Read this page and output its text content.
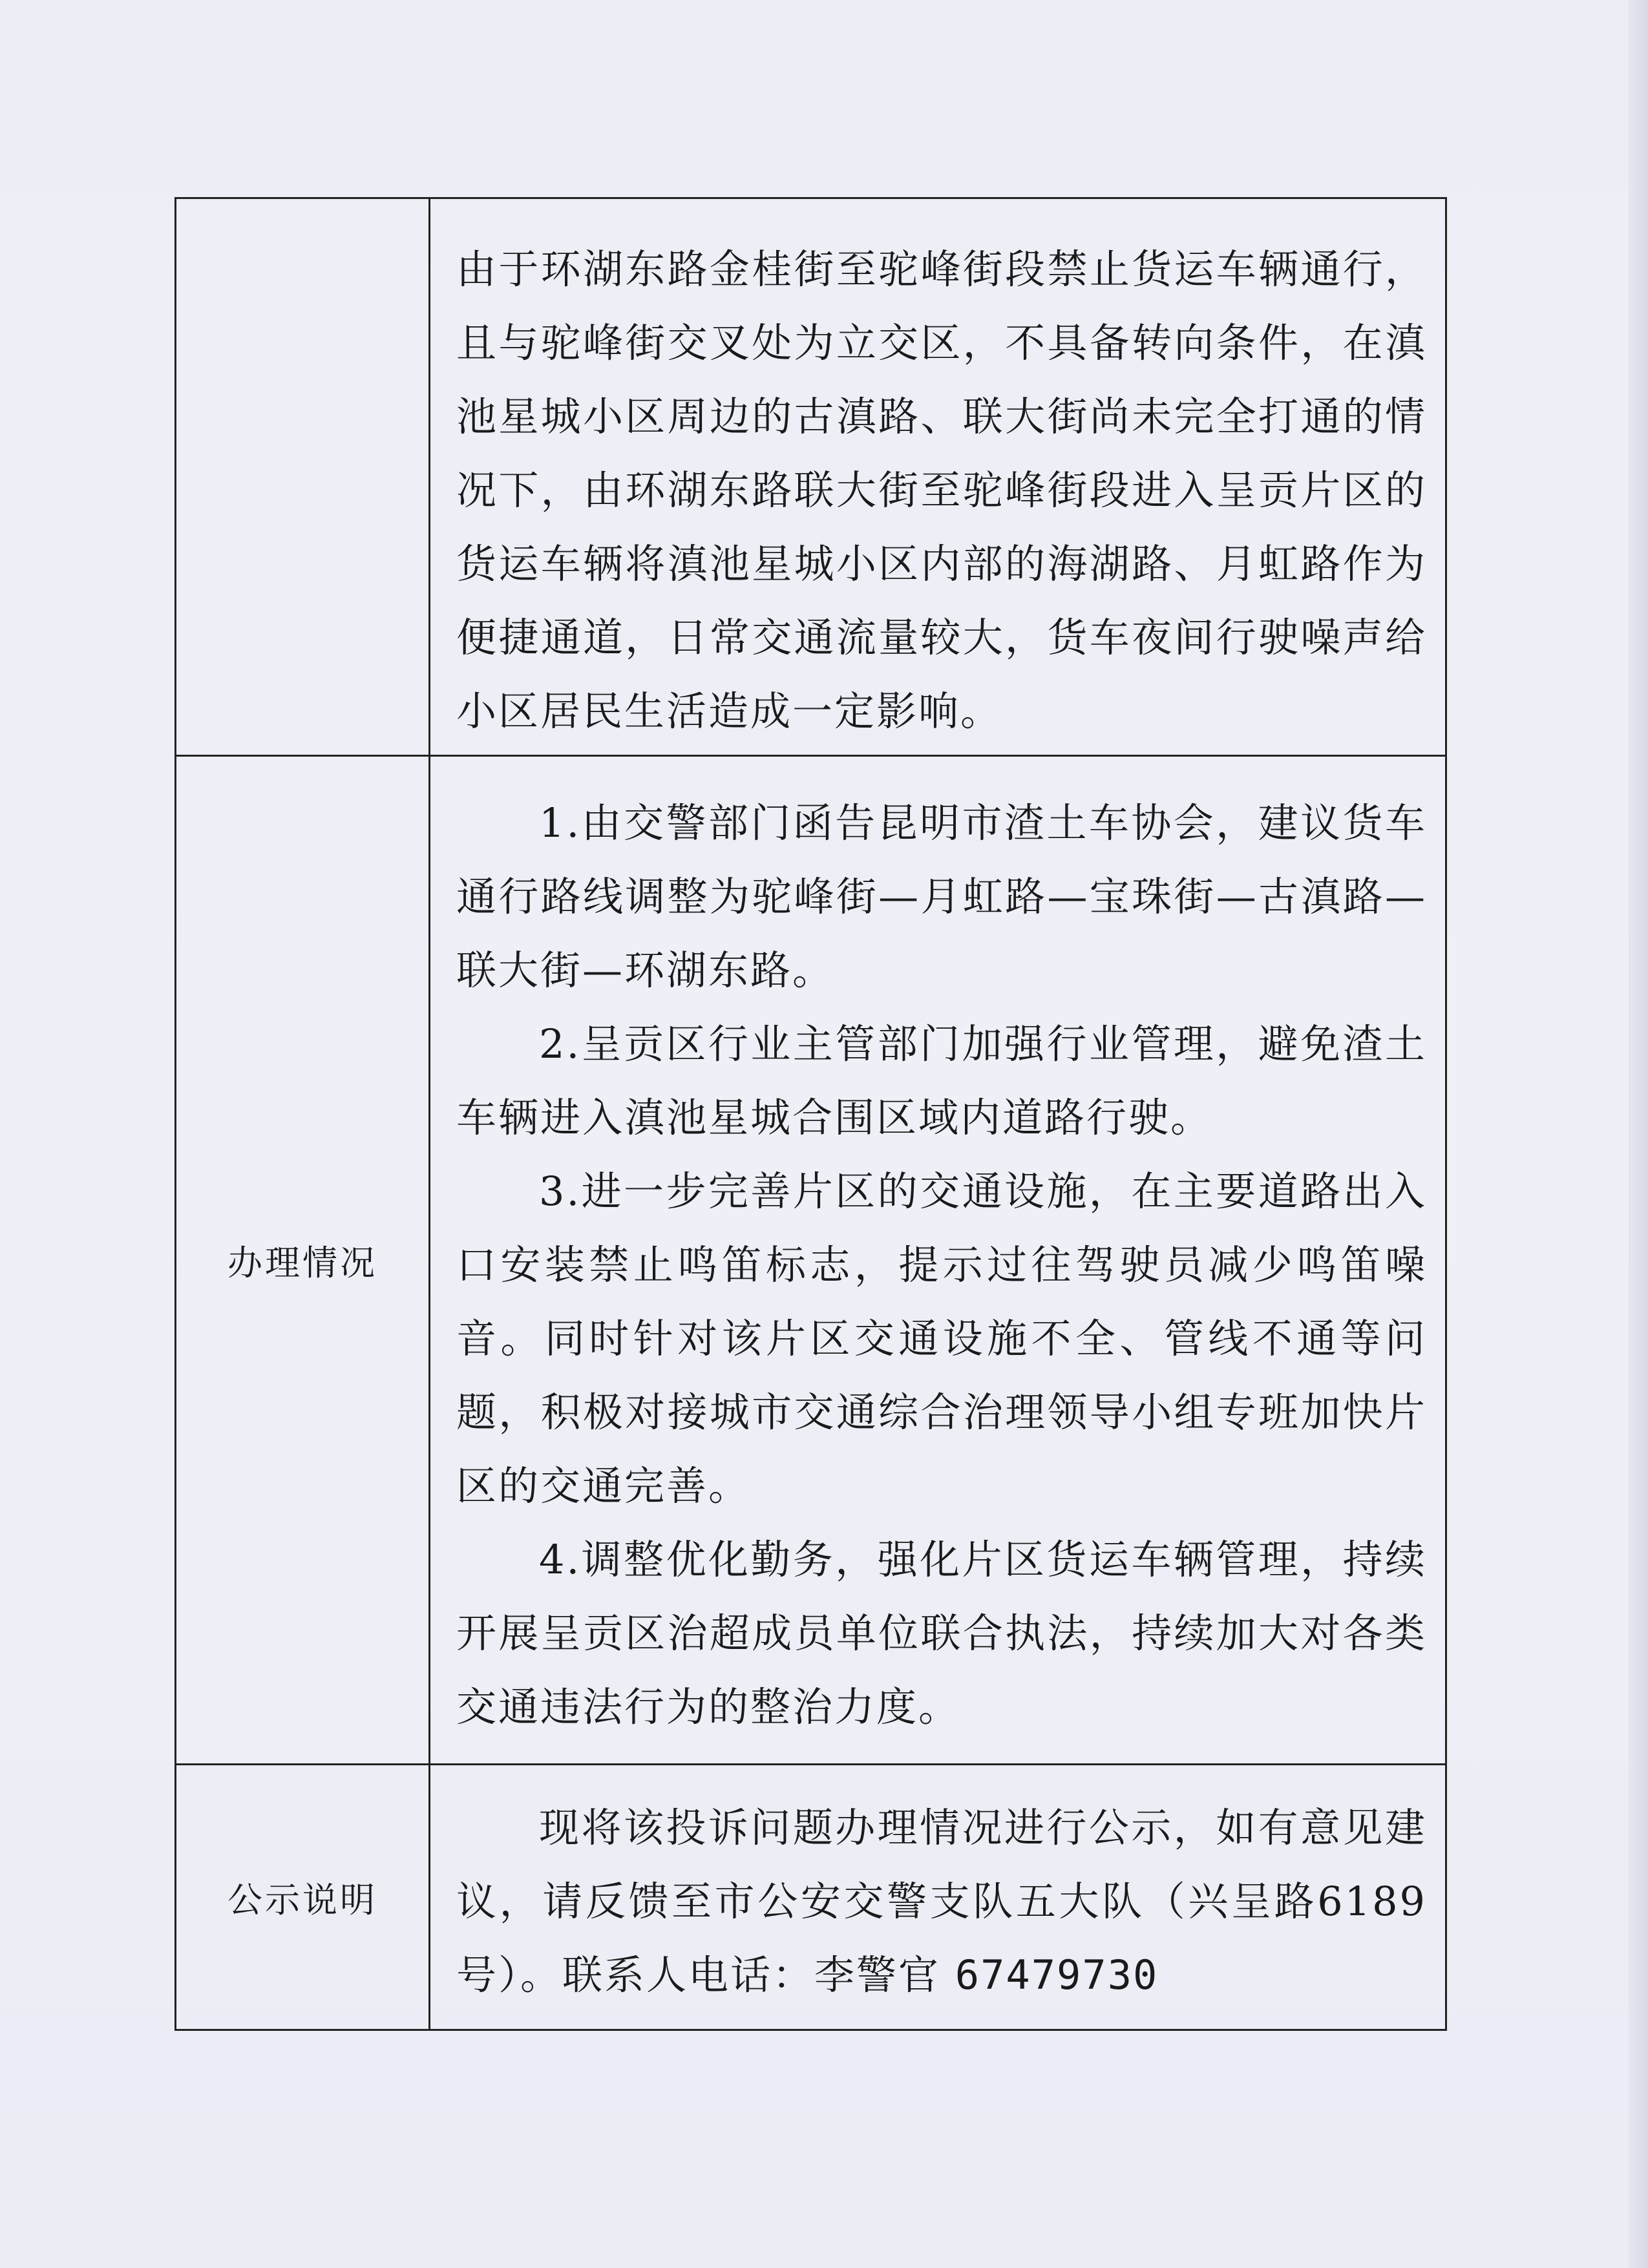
	由于环湖东路金桂街至驼峰街段禁止货运车辆通行，且与驼峰街交叉处为立交区，不具备转向条件，在滇池星城小区周边的古滇路、联大街尚未完全打通的情况下，由环湖东路联大街至驼峰街段进入呈贡片区的货运车辆将滇池星城小区内部的海湖路、月虹路作为便捷通道，日常交通流量较大，货车夜间行驶噪声给小区居民生活造成一定影响。

办理情况	1.由交警部门函告昆明市渣土车协会，建议货车通行路线调整为驼峰街—月虹路—宝珠街—古滇路—联大街—环湖东路。

2.呈贡区行业主管部门加强行业管理，避免渣土车辆进入滇池星城合围区域内道路行驶。

3.进一步完善片区的交通设施，在主要道路出入口安装禁止鸣笛标志，提示过往驾驶员减少鸣笛噪音。同时针对该片区交通设施不全、管线不通等问题，积极对接城市交通综合治理领导小组专班加快片区的交通完善。

4.调整优化勤务，强化片区货运车辆管理，持续开展呈贡区治超成员单位联合执法，持续加大对各类交通违法行为的整治力度。

公示说明	现将该投诉问题办理情况进行公示，如有意见建议，请反馈至市公安交警支队五大队（兴呈路6189号）。联系人电话：李警官 67479730
